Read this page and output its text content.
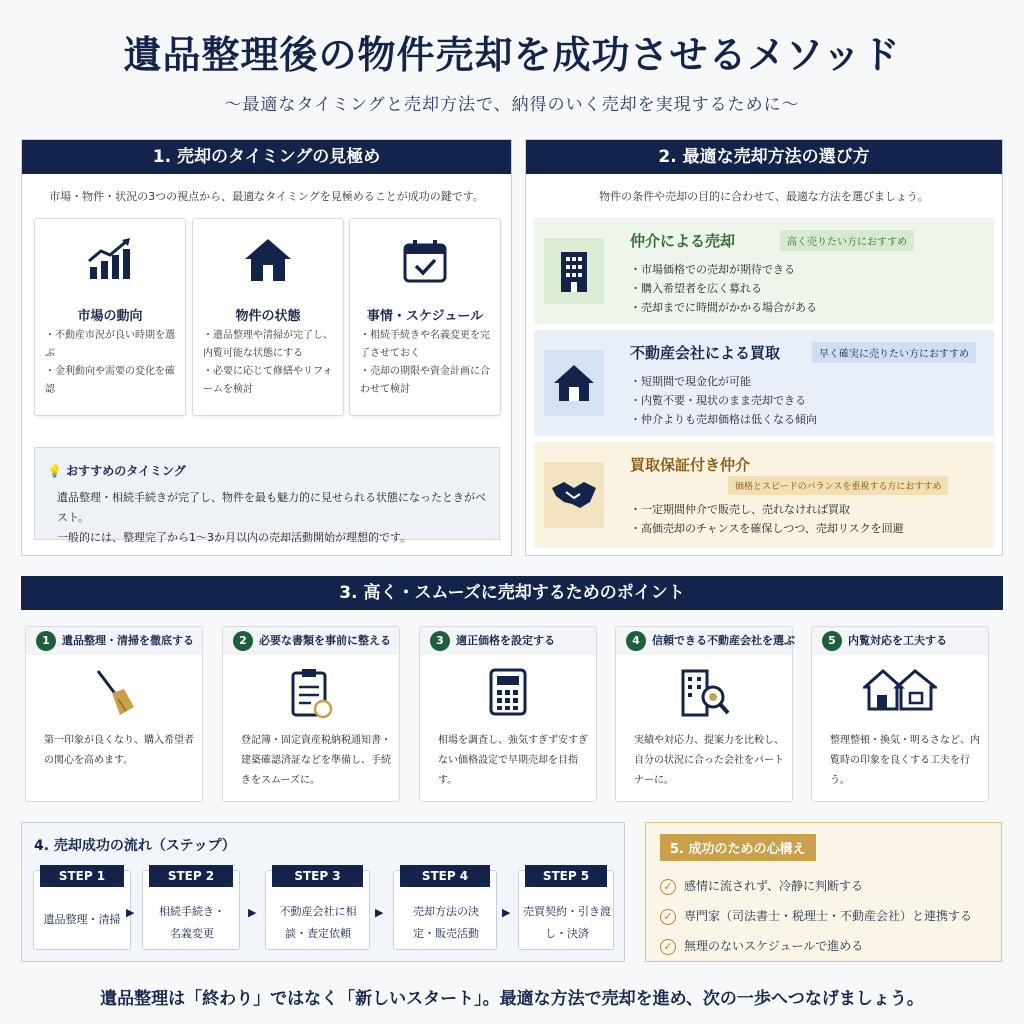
遺品整理後の物件売却を成功させるメソッド
〜最適なタイミングと売却方法で、納得のいく売却を実現するために〜
1. 売却のタイミングの見極め
市場・物件・状況の3つの視点から、最適なタイミングを見極めることが成功の鍵です。
市場の動向
・ 不動産市況が良い時期を選ぶ
・ 金利動向や需要の変化を確認
物件の状態
・ 遺品整理や清掃が完了し、内覧可能な状態にする
・ 必要に応じて修繕やリフォームを検討
事情・スケジュール
・ 相続手続きや名義変更を完了させておく
・ 売却の期限や資金計画に合わせて検討
💡 おすすめのタイミング

遺品整理・相続手続きが完了し、物件を最も魅力的に見せられる状態になったときがベスト。
一般的には、整理完了から1〜3か月以内の売却活動開始が理想的です。

2. 最適な売却方法の選び方
物件の条件や売却の目的に合わせて、最適な方法を選びましょう。
仲介による売却	高く売りたい方におすすめ
・ 市場価格での売却が期待できる
・ 購入希望者を広く募れる
・ 売却までに時間がかかる場合がある
不動産会社による買取	早く確実に売りたい方におすすめ
・ 短期間で現金化が可能
・ 内覧不要・現状のまま売却できる
・ 仲介よりも売却価格は低くなる傾向
買取保証付き仲介
価格とスピードのバランスを重視する方におすすめ
・ 一定期間仲介で販売し、売れなければ買取
・ 高価売却のチャンスを確保しつつ、売却リスクを回避
3. 高く・スムーズに売却するためのポイント
1 遺品整理・清掃を徹底する

第一印象が良くなり、購入希望者の関心を高めます。

2 必要な書類を事前に整える

登記簿・固定資産税納税通知書・建築確認済証などを準備し、手続きをスムーズに。

3 適正価格を設定する

相場を調査し、強気すぎず安すぎない価格設定で早期売却を目指す。

4 信頼できる不動産会社を選ぶ

実績や対応力、提案力を比較し、自分の状況に合った会社をパートナーに。

5 内覧対応を工夫する

整理整頓・換気・明るさなど、内覧時の印象を良くする工夫を行う。

4. 売却成功の流れ（ステップ）
STEP 1
遺品整理・清掃
▶
STEP 2
相続手続き・名義変更
▶
STEP 3
不動産会社に相談・査定依頼
▶
STEP 4
売却方法の決定・販売活動
▶
STEP 5
売買契約・引き渡し・決済
5. 成功のための心構え
✓ 感情に流されず、冷静に判断する
✓ 専門家（司法書士・税理士・不動産会社）と連携する
✓ 無理のないスケジュールで進める
遺品整理は「終わり」ではなく「新しいスタート」。最適な方法で売却を進め、次の一歩へつなげましょう。
